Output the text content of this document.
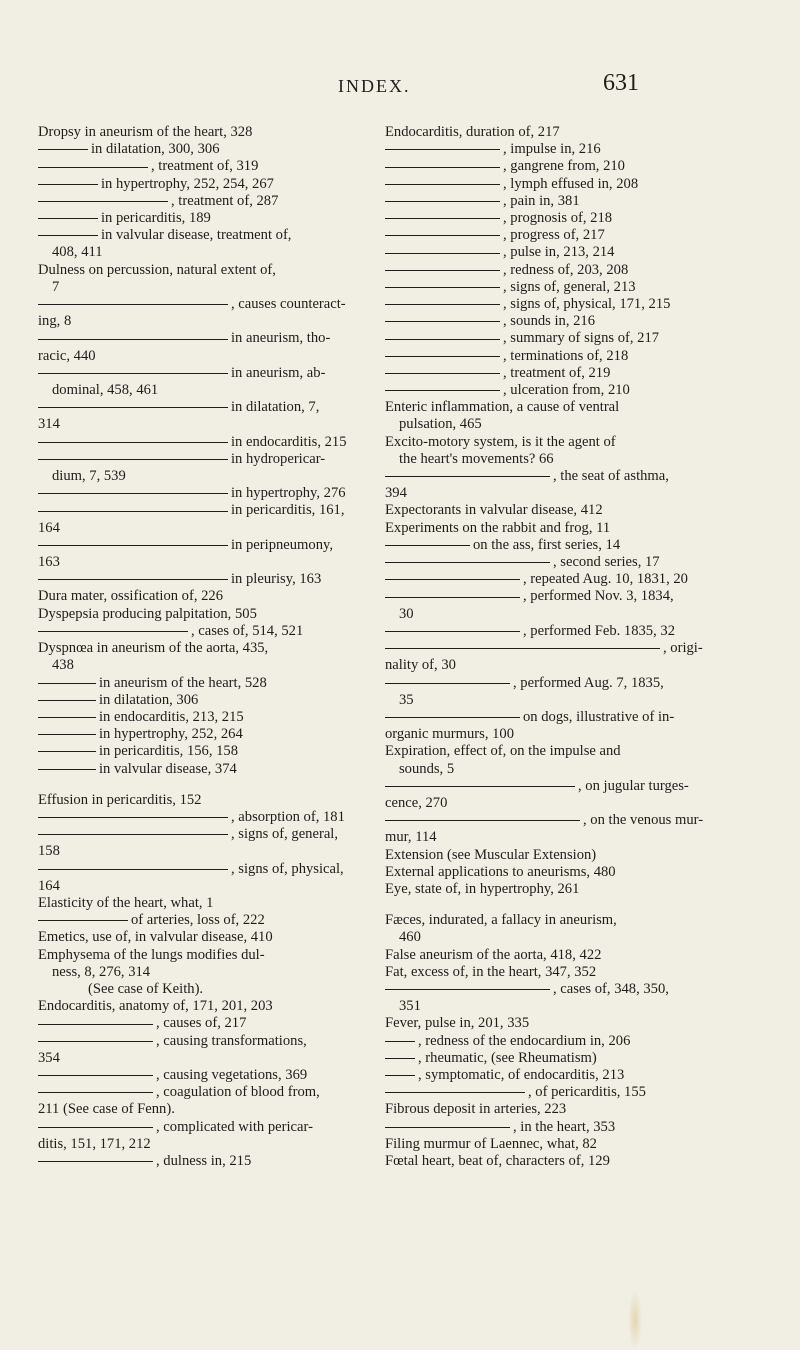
INDEX.	631
Dropsy in aneurism of the heart, 328
in dilatation, 300, 306
, treatment of, 319
in hypertrophy, 252, 254, 267
, treatment of, 287
in pericarditis, 189
in valvular disease, treatment of,
408, 411
Dulness on percussion, natural extent of,
7
, causes counteract-
ing, 8
in aneurism, tho-
racic, 440
in aneurism, ab-
dominal, 458, 461
in dilatation, 7,
314
in endocarditis, 215
in hydropericar-
dium, 7, 539
in hypertrophy, 276
in pericarditis, 161,
164
in peripneumony,
163
in pleurisy, 163
Dura mater, ossification of, 226
Dyspepsia producing palpitation, 505
, cases of, 514, 521
Dyspnœa in aneurism of the aorta, 435,
438
in aneurism of the heart, 528
in dilatation, 306
in endocarditis, 213, 215
in hypertrophy, 252, 264
in pericarditis, 156, 158
in valvular disease, 374
Effusion in pericarditis, 152
, absorption of, 181
, signs of, general,
158
, signs of, physical,
164
Elasticity of the heart, what, 1
of arteries, loss of, 222
Emetics, use of, in valvular disease, 410
Emphysema of the lungs modifies dul-
ness, 8, 276, 314
(See case of Keith).
Endocarditis, anatomy of, 171, 201, 203
, causes of, 217
, causing transformations,
354
, causing vegetations, 369
, coagulation of blood from,
211 (See case of Fenn).
, complicated with pericar-
ditis, 151, 171, 212
, dulness in, 215
Endocarditis, duration of, 217
, impulse in, 216
, gangrene from, 210
, lymph effused in, 208
, pain in, 381
, prognosis of, 218
, progress of, 217
, pulse in, 213, 214
, redness of, 203, 208
, signs of, general, 213
, signs of, physical, 171, 215
, sounds in, 216
, summary of signs of, 217
, terminations of, 218
, treatment of, 219
, ulceration from, 210
Enteric inflammation, a cause of ventral
pulsation, 465
Excito-motory system, is it the agent of
the heart's movements? 66
, the seat of asthma,
394
Expectorants in valvular disease, 412
Experiments on the rabbit and frog, 11
on the ass, first series, 14
, second series, 17
, repeated Aug. 10, 1831, 20
, performed Nov. 3, 1834,
30
, performed Feb. 1835, 32
, origi-
nality of, 30
, performed Aug. 7, 1835,
35
on dogs, illustrative of in-
organic murmurs, 100
Expiration, effect of, on the impulse and
sounds, 5
, on jugular turges-
cence, 270
, on the venous mur-
mur, 114
Extension (see Muscular Extension)
External applications to aneurisms, 480
Eye, state of, in hypertrophy, 261
Fæces, indurated, a fallacy in aneurism,
460
False aneurism of the aorta, 418, 422
Fat, excess of, in the heart, 347, 352
, cases of, 348, 350,
351
Fever, pulse in, 201, 335
, redness of the endocardium in, 206
, rheumatic, (see Rheumatism)
, symptomatic, of endocarditis, 213
, of pericarditis, 155
Fibrous deposit in arteries, 223
, in the heart, 353
Filing murmur of Laennec, what, 82
Fœtal heart, beat of, characters of, 129
